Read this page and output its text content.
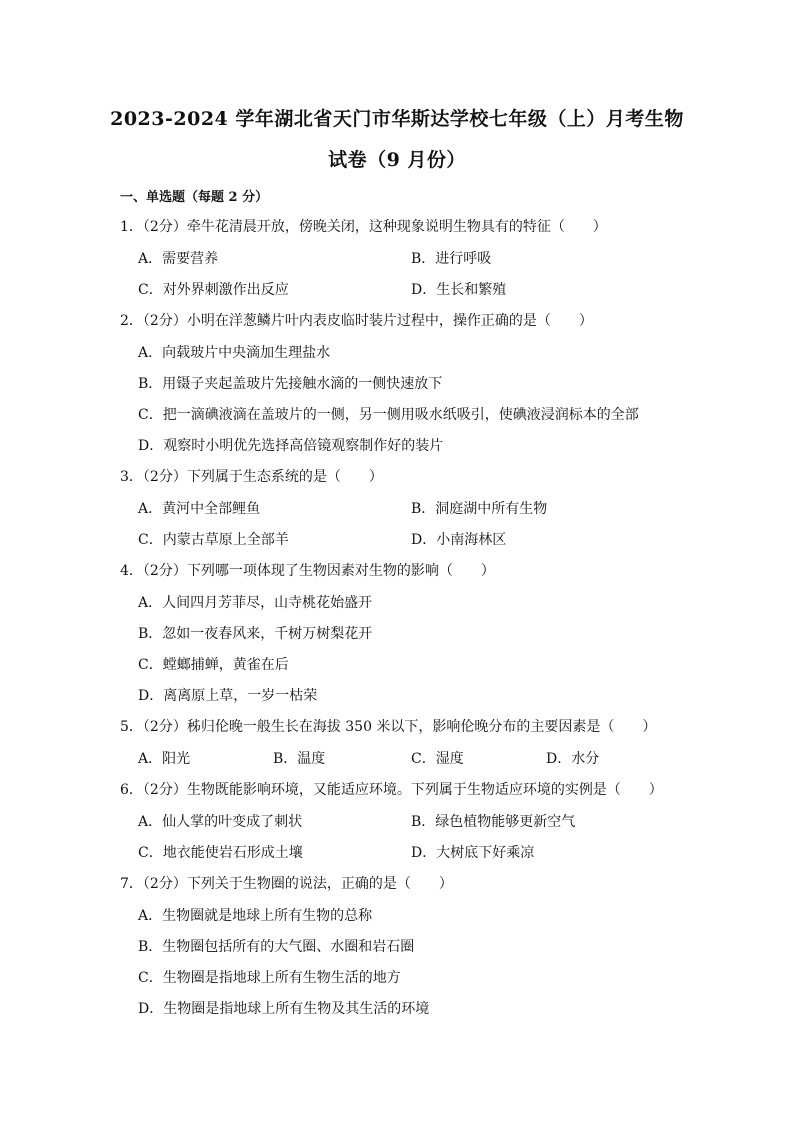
2023-2024 学年湖北省天门市华斯达学校七年级（上）月考生物
试卷（9 月份）
一、单选题（每题 2 分）
1．（2分）牵牛花清晨开放，傍晚关闭，这种现象说明生物具有的特征（　　）
A．需要营养	B．进行呼吸
C．对外界刺激作出反应	D．生长和繁殖
2．（2分）小明在洋葱鳞片叶内表皮临时装片过程中，操作正确的是（　　）
A．向载玻片中央滴加生理盐水
B．用镊子夹起盖玻片先接触水滴的一侧快速放下
C．把一滴碘液滴在盖玻片的一侧，另一侧用吸水纸吸引，使碘液浸润标本的全部
D．观察时小明优先选择高倍镜观察制作好的装片
3．（2分）下列属于生态系统的是（　　）
A．黄河中全部鲤鱼	B．洞庭湖中所有生物
C．内蒙古草原上全部羊	D．小南海林区
4．（2分）下列哪一项体现了生物因素对生物的影响（　　）
A．人间四月芳菲尽，山寺桃花始盛开
B．忽如一夜春风来，千树万树梨花开
C．螳螂捕蝉，黄雀在后
D．离离原上草，一岁一枯荣
5．（2分）秭归伦晚一般生长在海拔 350 米以下，影响伦晚分布的主要因素是（　　）
A．阳光	B．温度	C．湿度	D．水分
6．（2分）生物既能影响环境，又能适应环境。下列属于生物适应环境的实例是（　　）
A．仙人掌的叶变成了刺状	B．绿色植物能够更新空气
C．地衣能使岩石形成土壤	D．大树底下好乘凉
7．（2分）下列关于生物圈的说法，正确的是（　　）
A．生物圈就是地球上所有生物的总称
B．生物圈包括所有的大气圈、水圈和岩石圈
C．生物圈是指地球上所有生物生活的地方
D．生物圈是指地球上所有生物及其生活的环境
